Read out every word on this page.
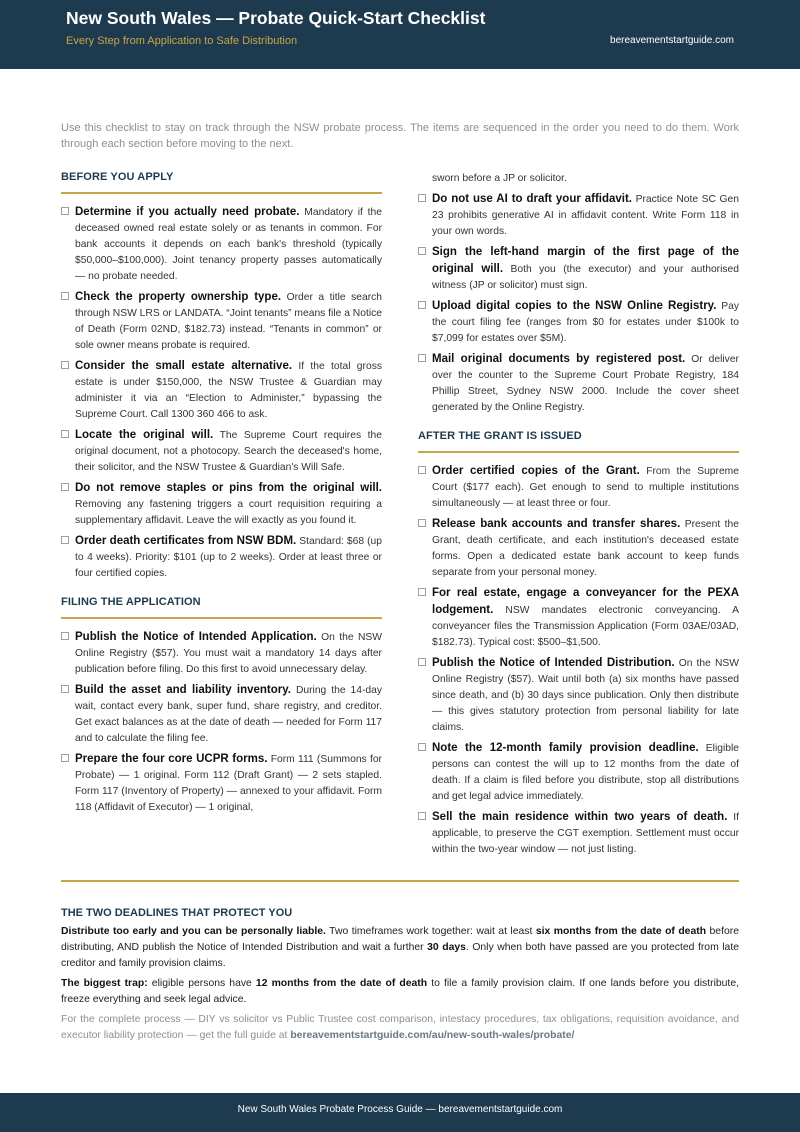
New South Wales — Probate Quick-Start Checklist
Every Step from Application to Safe Distribution	bereavementstartguide.com
Use this checklist to stay on track through the NSW probate process. The items are sequenced in the order you need to do them. Work through each section before moving to the next.
BEFORE YOU APPLY
Determine if you actually need probate. Mandatory if the deceased owned real estate solely or as tenants in common. For bank accounts it depends on each bank's threshold (typically $50,000–$100,000). Joint tenancy property passes automatically — no probate needed.
Check the property ownership type. Order a title search through NSW LRS or LANDATA. “Joint tenants” means file a Notice of Death (Form 02ND, $182.73) instead. “Tenants in common” or sole owner means probate is required.
Consider the small estate alternative. If the total gross estate is under $150,000, the NSW Trustee & Guardian may administer it via an “Election to Administer,” bypassing the Supreme Court. Call 1300 360 466 to ask.
Locate the original will. The Supreme Court requires the original document, not a photocopy. Search the deceased's home, their solicitor, and the NSW Trustee & Guardian's Will Safe.
Do not remove staples or pins from the original will. Removing any fastening triggers a court requisition requiring a supplementary affidavit. Leave the will exactly as you found it.
Order death certificates from NSW BDM. Standard: $68 (up to 4 weeks). Priority: $101 (up to 2 weeks). Order at least three or four certified copies.
FILING THE APPLICATION
Publish the Notice of Intended Application. On the NSW Online Registry ($57). You must wait a mandatory 14 days after publication before filing. Do this first to avoid unnecessary delay.
Build the asset and liability inventory. During the 14-day wait, contact every bank, super fund, share registry, and creditor. Get exact balances as at the date of death — needed for Form 117 and to calculate the filing fee.
Prepare the four core UCPR forms. Form 111 (Summons for Probate) — 1 original. Form 112 (Draft Grant) — 2 sets stapled. Form 117 (Inventory of Property) — annexed to your affidavit. Form 118 (Affidavit of Executor) — 1 original,
sworn before a JP or solicitor.
Do not use AI to draft your affidavit. Practice Note SC Gen 23 prohibits generative AI in affidavit content. Write Form 118 in your own words.
Sign the left-hand margin of the first page of the original will. Both you (the executor) and your authorised witness (JP or solicitor) must sign.
Upload digital copies to the NSW Online Registry. Pay the court filing fee (ranges from $0 for estates under $100k to $7,099 for estates over $5M).
Mail original documents by registered post. Or deliver over the counter to the Supreme Court Probate Registry, 184 Phillip Street, Sydney NSW 2000. Include the cover sheet generated by the Online Registry.
AFTER THE GRANT IS ISSUED
Order certified copies of the Grant. From the Supreme Court ($177 each). Get enough to send to multiple institutions simultaneously — at least three or four.
Release bank accounts and transfer shares. Present the Grant, death certificate, and each institution's deceased estate forms. Open a dedicated estate bank account to keep funds separate from your personal money.
For real estate, engage a conveyancer for the PEXA lodgement. NSW mandates electronic conveyancing. A conveyancer files the Transmission Application (Form 03AE/03AD, $182.73). Typical cost: $500–$1,500.
Publish the Notice of Intended Distribution. On the NSW Online Registry ($57). Wait until both (a) six months have passed since death, and (b) 30 days since publication. Only then distribute — this gives statutory protection from personal liability for late claims.
Note the 12-month family provision deadline. Eligible persons can contest the will up to 12 months from the date of death. If a claim is filed before you distribute, stop all distributions and get legal advice immediately.
Sell the main residence within two years of death. If applicable, to preserve the CGT exemption. Settlement must occur within the two-year window — not just listing.
THE TWO DEADLINES THAT PROTECT YOU
Distribute too early and you can be personally liable. Two timeframes work together: wait at least six months from the date of death before distributing, AND publish the Notice of Intended Distribution and wait a further 30 days. Only when both have passed are you protected from late creditor and family provision claims.
The biggest trap: eligible persons have 12 months from the date of death to file a family provision claim. If one lands before you distribute, freeze everything and seek legal advice.
For the complete process — DIY vs solicitor vs Public Trustee cost comparison, intestacy procedures, tax obligations, requisition avoidance, and executor liability protection — get the full guide at bereavementstartguide.com/au/new-south-wales/probate/
New South Wales Probate Process Guide — bereavementstartguide.com
